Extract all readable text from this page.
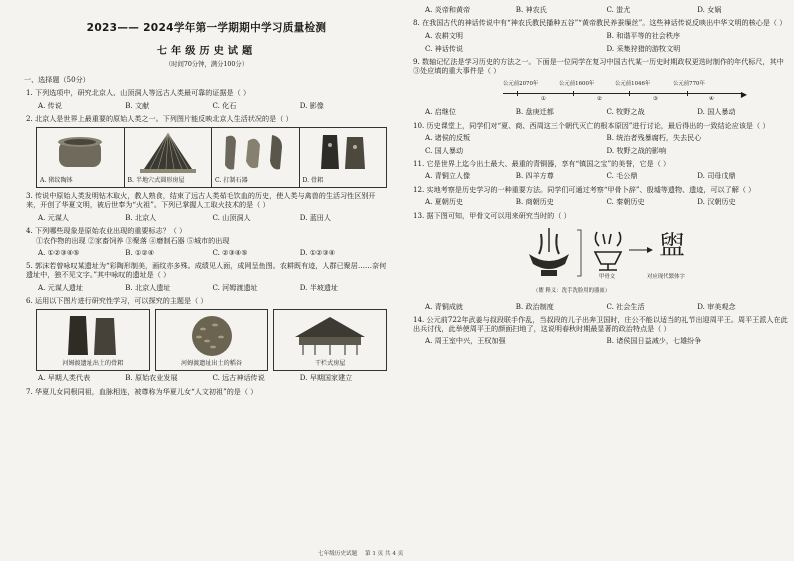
2023—— 2024学年第一学期期中学习质量检测
七年级历史试题
（时间70分钟，满分100分）
一、选择题（50分）
1. 下列选项中，研究北京人、山顶洞人等远古人类最可靠的证据是（ ）
A. 传说	B. 文献	C. 化石	D. 影像
2. 北京人是世界上最重要的原始人类之一。下列图片能反映北京人生活状况的是（ ）
A. 猪纹陶钵	B. 半地穴式圆形房屋	C. 打制石器	D. 骨耜
3. 传说中原始人类发明钻木取火，教人熟食，结束了远古人类茹毛饮血的历史，使人类与禽兽的生活习性区别开来，开创了华夏文明，被后世奉为“火祖”。下列已掌握人工取火技术的是（ ）
A. 元谋人	B. 北京人	C. 山顶洞人	D. 蓝田人
4. 下列哪些现象是原始农业出现的重要标志？（ ）
①农作物的出现 ②家畜饲养 ③聚落 ④磨制石器 ⑤城市的出现
A. ①②③④⑤	B. ①②④	C. ②③④⑤	D. ①②③④
5. 郭沫若曾咏叹某遗址为“彩陶形制美，画纹亦多殊。成绩见人面，成网呈鱼图。农耕既有迹，人群已聚居……奈何遗址中，独不见文字。”其中咏叹的遗址是（ ）
A. 元谋人遗址	B. 北京人遗址	C. 河姆渡遗址	D. 半坡遗址
6. 运用以下图片进行研究性学习，可以探究的主题是（ ）
河姆渡遗址出土的骨耜	河姆渡遗址出土的稻谷	干栏式房屋
A. 早期人类代表	B. 原始农业发展	C. 远古神话传说	D. 早期国家建立
7. 华夏儿女同根同祖，血脉相连，被尊称为华夏儿女“人文初祖”的是（ ）
A. 炎帝和黄帝	B. 神农氏	C. 蚩尤	D. 女娲
8. 在我国古代的神话传说中有“神农氏教民播种五谷”“黄帝教民养蚕缫丝”。这些神话传说反映出中华文明的核心是（ ）
A. 农耕文明	B. 和谐平等的社会秩序
C. 神话传说	D. 采集狩猎的游牧文明
9. 数轴记忆法是学习历史的方法之一。下面是一位同学在复习中国古代某一历史时期政权更迭时制作的年代标尺，其中③处应填的重大事件是（ ）
▶
公元前2070年	公元前1600年	公元前1046年	公元前770年
①	②	③	④
A. 启继位	B. 盘庚迁都	C. 牧野之战	D. 国人暴动
10. 历史课堂上，同学们对“夏、商、西周这三个朝代灭亡的根本原因”进行讨论，最后得出的一致结论应该是（ ）
A. 诸侯的反叛	B. 统治者残暴腐朽，失去民心
C. 国人暴动	D. 牧野之战的影响
11. 它是世界上迄今出土最大、最重的青铜器，享有“镇国之宝”的美誉，它是（ ）
A. 青铜立人像	B. 四羊方尊	C. 毛公鼎	D. 司母戊鼎
12. 实地考察是历史学习的一种重要方法。同学们可通过考察“甲骨卜辞”、殷墟等遗物、遗迹，可以了解（ ）
A. 夏朝历史	B. 商朝历史	C. 秦朝历史	D. 汉朝历史
13. 据下图可知，甲骨文可以用来研究当时的（ ）
盥
甲骨文	对应现代繁体字
（盥 释义：洗手洗脸用的器皿）
A. 青铜成就	B. 政治制度	C. 社会生活	D. 审美观念
14. 公元前722年武姜与叔段联手作乱，当叔段的儿子出奔卫国时，庄公不能以适当的礼节出迎周平王。周平王派人在此出兵讨伐，此举使周平王的颜面扫地了，这说明春秋时期最显著的政治特点是（ ）
A. 周王室中兴，王权加强	B. 诸侯国日益减少，七雄纷争
七年级历史试题 第 1 页 共 4 页
